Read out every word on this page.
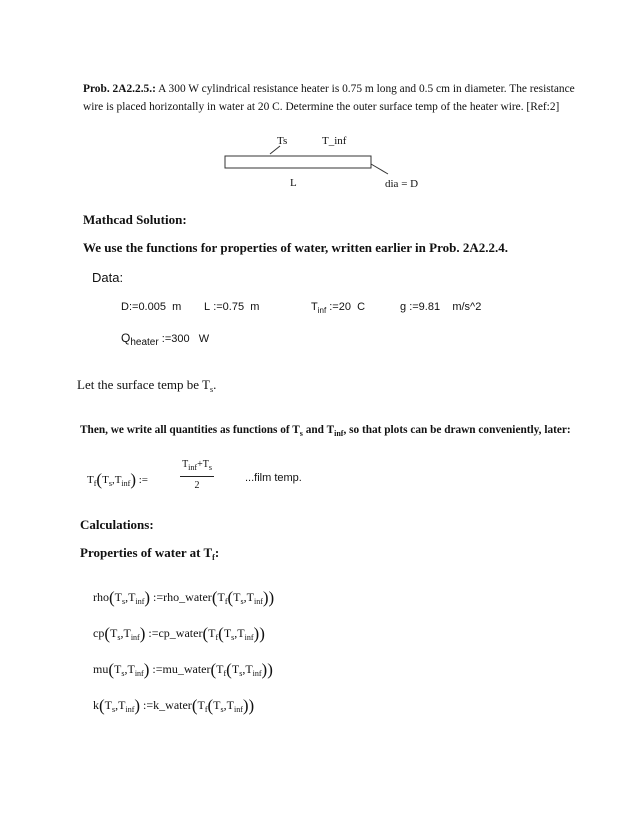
Prob. 2A2.2.5.: A 300 W cylindrical resistance heater is 0.75 m long and 0.5 cm in diameter. The resistance wire is placed horizontally in water at 20 C. Determine the outer surface temp of the heater wire. [Ref:2]
Ts	T_inf
L	dia = D
Mathcad Solution:
We use the functions for properties of water, written earlier in Prob. 2A2.2.4.
Data:
D:=0.005 m L :=0.75 m	$T_{inf}$ :=20 C	g :=9.81 m/s^2
$Q_{heater}$ :=300 W
Let the surface temp be $T_s$.
Then, we write all quantities as functions of $T_s$ and $T_{inf}$, so that plots can be drawn conveniently, later:
$T_f(T_s,T_{inf})$ :=
$T_{inf}+T_s$
2
...film temp.
Calculations:
Properties of water at $T_f$:
$rho(T_s,T_{inf})$ $:=rho\_water(T_f(T_s,T_{inf}))$
$cp(T_s,T_{inf})$ $:=cp\_water(T_f(T_s,T_{inf}))$
$mu(T_s,T_{inf})$ $:=mu\_water(T_f(T_s,T_{inf}))$
$k(T_s,T_{inf})$ $:=k\_water(T_f(T_s,T_{inf}))$
